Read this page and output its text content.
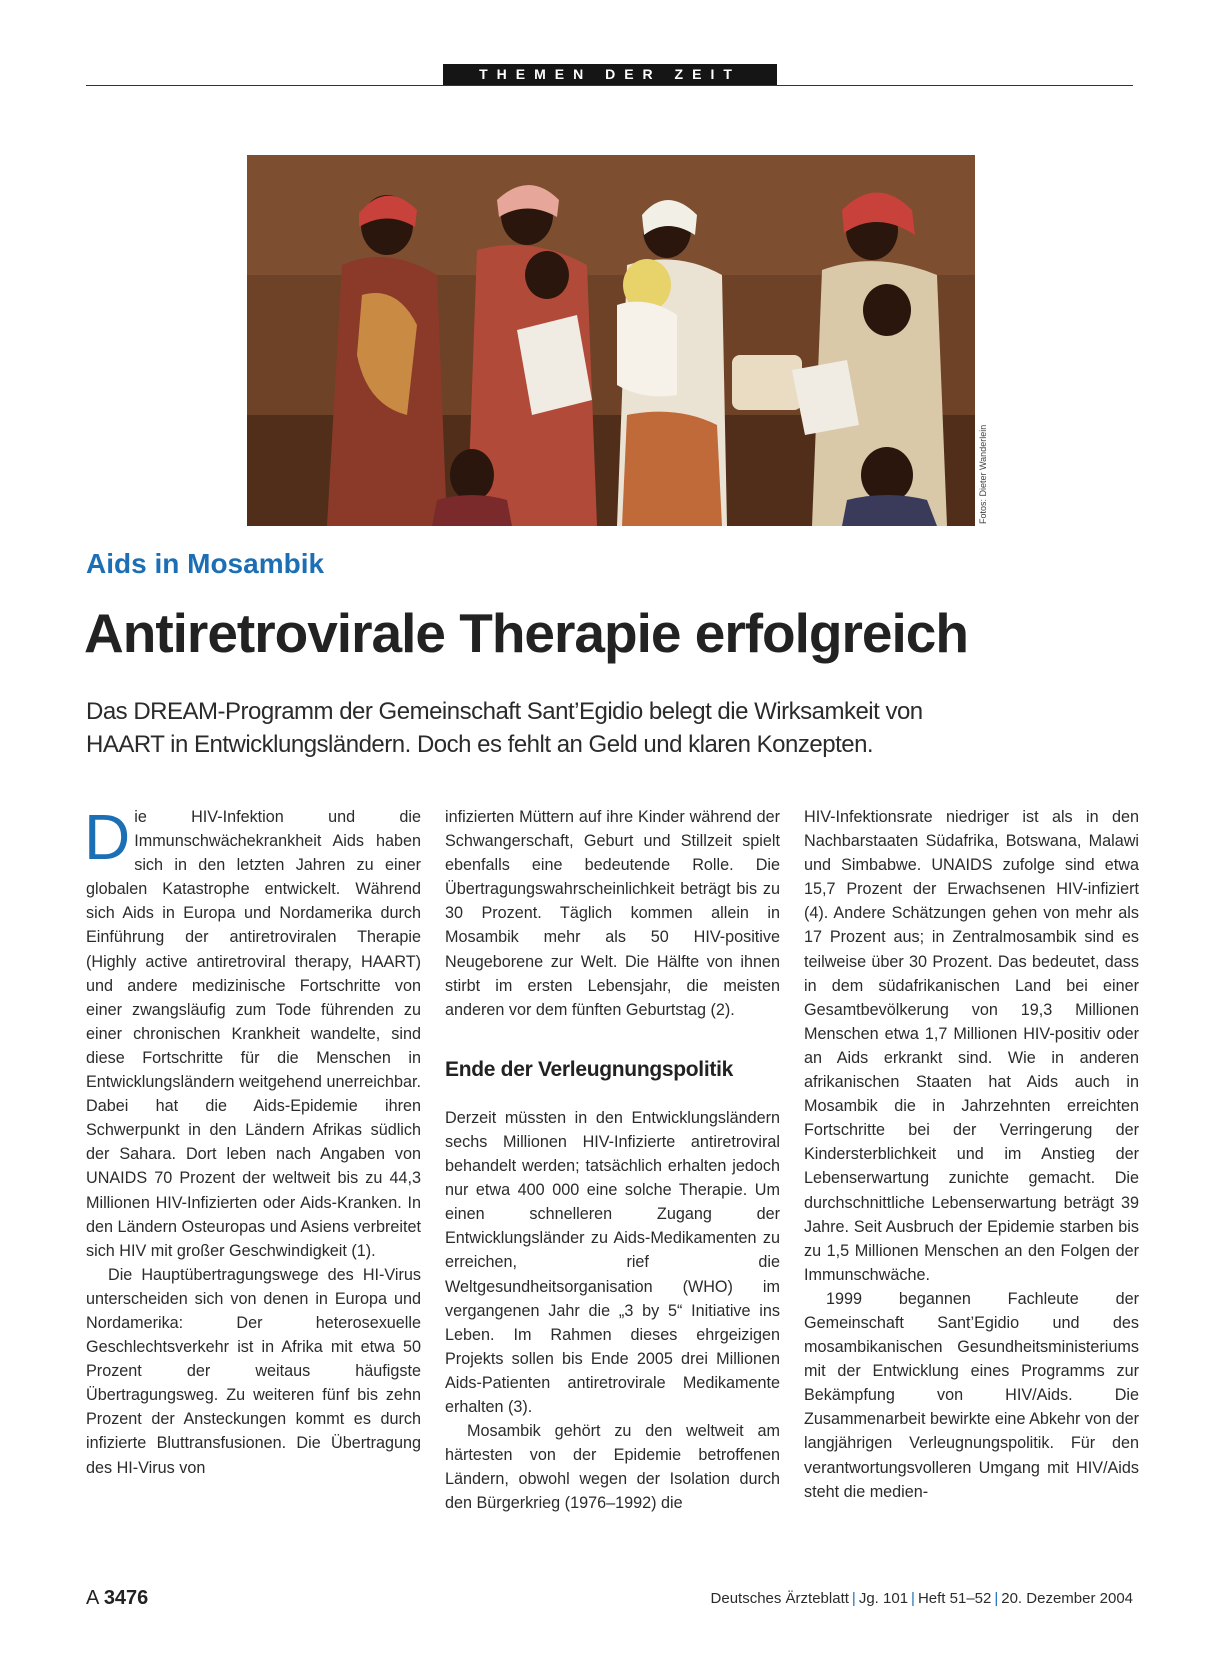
THEMEN DER ZEIT
Fotos: Dieter Wanderlein
Aids in Mosambik
Antiretrovirale Therapie erfolgreich
Das DREAM-Programm der Gemeinschaft Sant’Egidio belegt die Wirksamkeit von HAART in Entwicklungsländern. Doch es fehlt an Geld und klaren Konzepten.

Die HIV-Infektion und die Immunschwächekrankheit Aids haben sich in den letzten Jahren zu einer globalen Katastrophe entwickelt. Während sich Aids in Europa und Nordamerika durch Einführung der antiretroviralen Therapie (Highly active antiretroviral therapy, HAART) und andere medizinische Fortschritte von einer zwangsläufig zum Tode führenden zu einer chronischen Krankheit wandelte, sind diese Fortschritte für die Menschen in Entwicklungsländern weitgehend unerreichbar. Dabei hat die Aids-Epidemie ihren Schwerpunkt in den Ländern Afrikas südlich der Sahara. Dort leben nach Angaben von UNAIDS 70 Prozent der weltweit bis zu 44,3 Millionen HIV-Infizierten oder Aids-Kranken. In den Ländern Osteuropas und Asiens verbreitet sich HIV mit großer Geschwindigkeit (1).

Die Hauptübertragungswege des HI-Virus unterscheiden sich von denen in Europa und Nordamerika: Der heterosexuelle Geschlechtsverkehr ist in Afrika mit etwa 50 Prozent der weitaus häufigste Übertragungsweg. Zu weiteren fünf bis zehn Prozent der Ansteckungen kommt es durch infizierte Bluttransfusionen. Die Übertragung des HI-Virus von

infizierten Müttern auf ihre Kinder während der Schwangerschaft, Geburt und Stillzeit spielt ebenfalls eine bedeutende Rolle. Die Übertragungswahrscheinlichkeit beträgt bis zu 30 Prozent. Täglich kommen allein in Mosambik mehr als 50 HIV-positive Neugeborene zur Welt. Die Hälfte von ihnen stirbt im ersten Lebensjahr, die meisten anderen vor dem fünften Geburtstag (2).

Ende der Verleugnungspolitik

Derzeit müssten in den Entwicklungsländern sechs Millionen HIV-Infizierte antiretroviral behandelt werden; tatsächlich erhalten jedoch nur etwa 400 000 eine solche Therapie. Um einen schnelleren Zugang der Entwicklungsländer zu Aids-Medikamenten zu erreichen, rief die Weltgesundheitsorganisation (WHO) im vergangenen Jahr die „3 by 5“ Initiative ins Leben. Im Rahmen dieses ehrgeizigen Projekts sollen bis Ende 2005 drei Millionen Aids-Patienten antiretrovirale Medikamente erhalten (3).

Mosambik gehört zu den weltweit am härtesten von der Epidemie betroffenen Ländern, obwohl wegen der Isolation durch den Bürgerkrieg (1976–1992) die

HIV-Infektionsrate niedriger ist als in den Nachbarstaaten Südafrika, Botswana, Malawi und Simbabwe. UNAIDS zufolge sind etwa 15,7 Prozent der Erwachsenen HIV-infiziert (4). Andere Schätzungen gehen von mehr als 17 Prozent aus; in Zentralmosambik sind es teilweise über 30 Prozent. Das bedeutet, dass in dem südafrikanischen Land bei einer Gesamtbevölkerung von 19,3 Millionen Menschen etwa 1,7 Millionen HIV-positiv oder an Aids erkrankt sind. Wie in anderen afrikanischen Staaten hat Aids auch in Mosambik die in Jahrzehnten erreichten Fortschritte bei der Verringerung der Kindersterblichkeit und im Anstieg der Lebenserwartung zunichte gemacht. Die durchschnittliche Lebenserwartung beträgt 39 Jahre. Seit Ausbruch der Epidemie starben bis zu 1,5 Millionen Menschen an den Folgen der Immunschwäche.

1999 begannen Fachleute der Gemeinschaft Sant’Egidio und des mosambikanischen Gesundheitsministeriums mit der Entwicklung eines Programms zur Bekämpfung von HIV/Aids. Die Zusammenarbeit bewirkte eine Abkehr von der langjährigen Verleugnungspolitik. Für den verantwortungsvolleren Umgang mit HIV/Aids steht die medien-

A 3476	Deutsches Ärzteblatt | Jg. 101 | Heft 51–52 | 20. Dezember 2004
